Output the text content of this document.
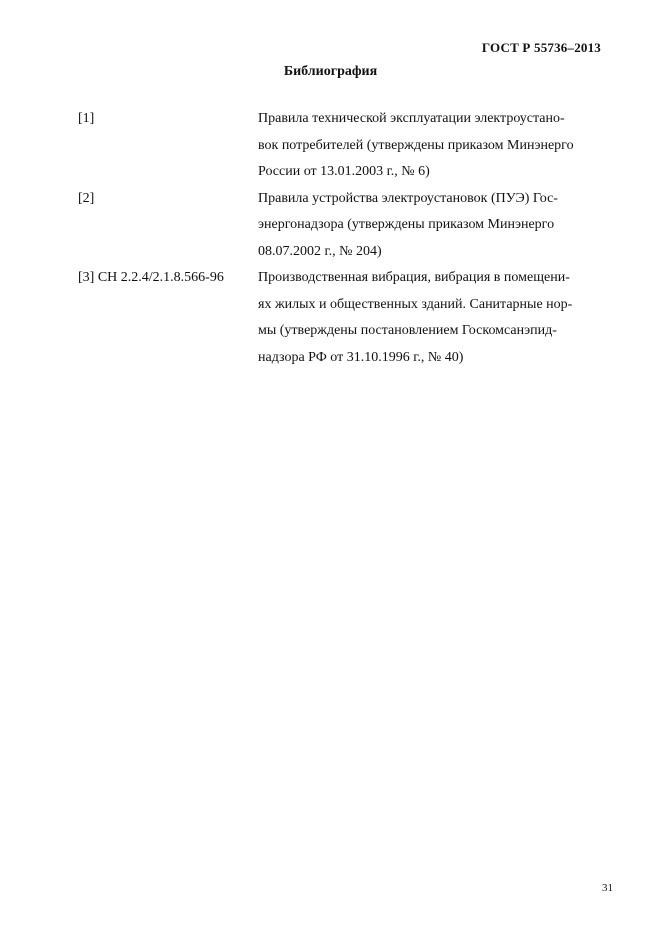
ГОСТ Р 55736–2013
Библиография
[1]	Правила технической эксплуатации электроустано-
вок потребителей (утверждены приказом Минэнерго
России от 13.01.2003 г., № 6)
[2]	Правила устройства электроустановок (ПУЭ) Гос-
энергонадзора (утверждены приказом Минэнерго
08.07.2002 г., № 204)
[3] СН 2.2.4/2.1.8.566-96	Производственная вибрация, вибрация в помещени-
ях жилых и общественных зданий. Санитарные нор-
мы (утверждены постановлением Госкомсанэпид-
надзора РФ от 31.10.1996 г., № 40)
31
